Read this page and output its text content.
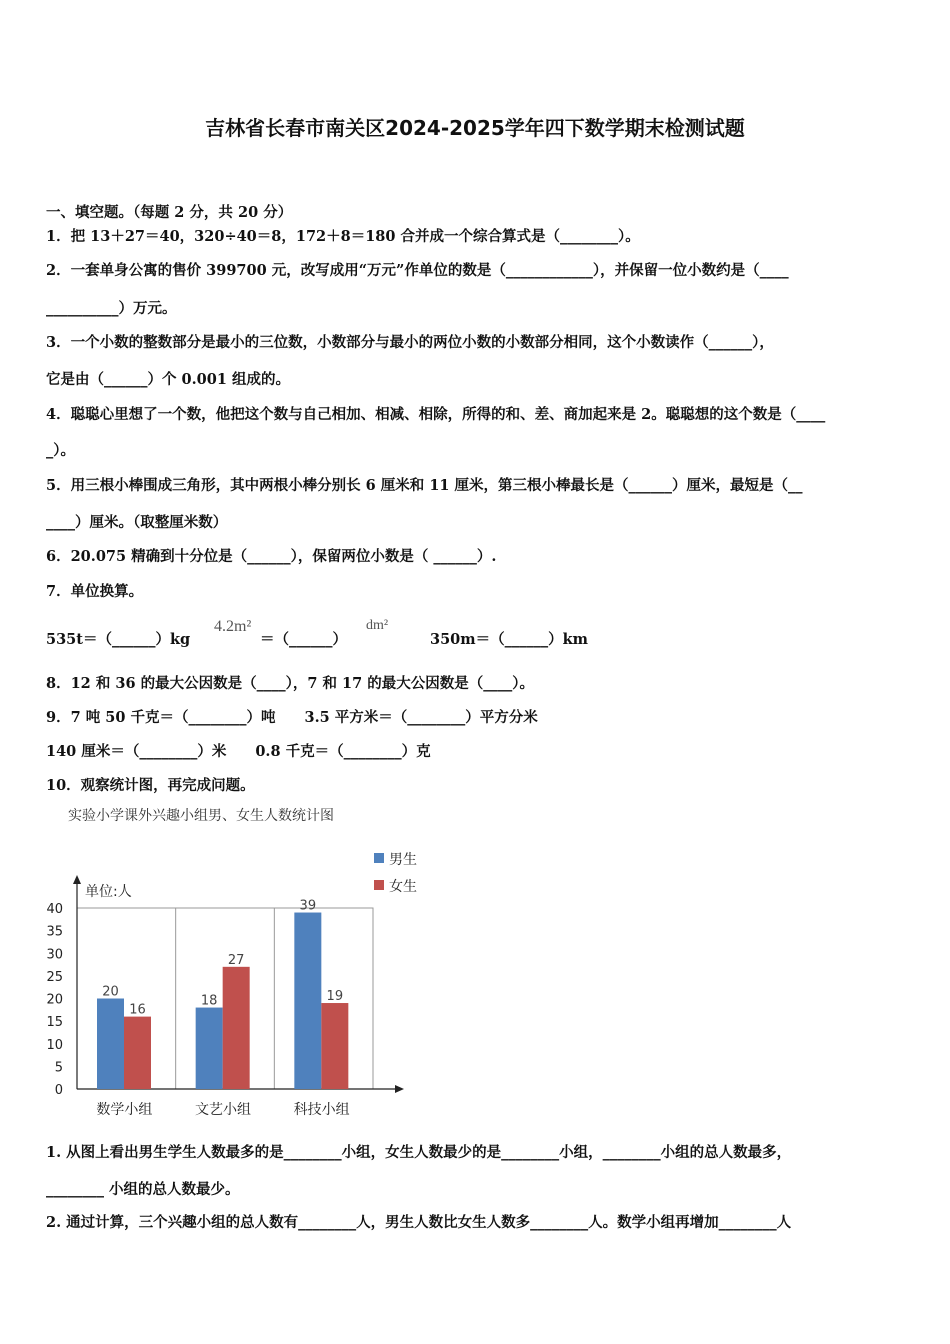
吉林省长春市南关区2024-2025学年四下数学期末检测试题
一、填空题。（每题 2 分，共 20 分）
1．把 13＋27＝40，320÷40＝8，172＋8＝180 合并成一个综合算式是（________）。
2．一套单身公寓的售价 399700 元，改写成用“万元”作单位的数是（____________），并保留一位小数约是（____
__________）万元。
3．一个小数的整数部分是最小的三位数，小数部分与最小的两位小数的小数部分相同，这个小数读作（______），
它是由（______）个 0.001 组成的。
4．聪聪心里想了一个数，他把这个数与自己相加、相减、相除，所得的和、差、商加起来是 2。聪聪想的这个数是（____
_）。
5．用三根小棒围成三角形，其中两根小棒分别长 6 厘米和 11 厘米，第三根小棒最长是（______）厘米，最短是（__
____）厘米。（取整厘米数）
6．20.075 精确到十分位是（______），保留两位小数是（ ______）.
7．单位换算。
535t＝（______）kg
4.2m²
＝（______）
dm²
350m＝（______）km
8．12 和 36 的最大公因数是（____），7 和 17 的最大公因数是（____）。
9．7 吨 50 千克＝（________）吨　　3.5 平方米＝（________）平方分米
140 厘米＝（________）米　　0.8 千克＝（________）克
10．观察统计图，再完成问题。
实验小学课外兴趣小组男、女生人数统计图
单位:人
0
5
10
15
20
25
30
35
40
20
16
数学小组
18
27
文艺小组
39
19
科技小组
男生
女生
1. 从图上看出男生学生人数最多的是________小组，女生人数最少的是________小组，________小组的总人数最多，
________ 小组的总人数最少。
2. 通过计算，三个兴趣小组的总人数有________人，男生人数比女生人数多________人。数学小组再增加________人
